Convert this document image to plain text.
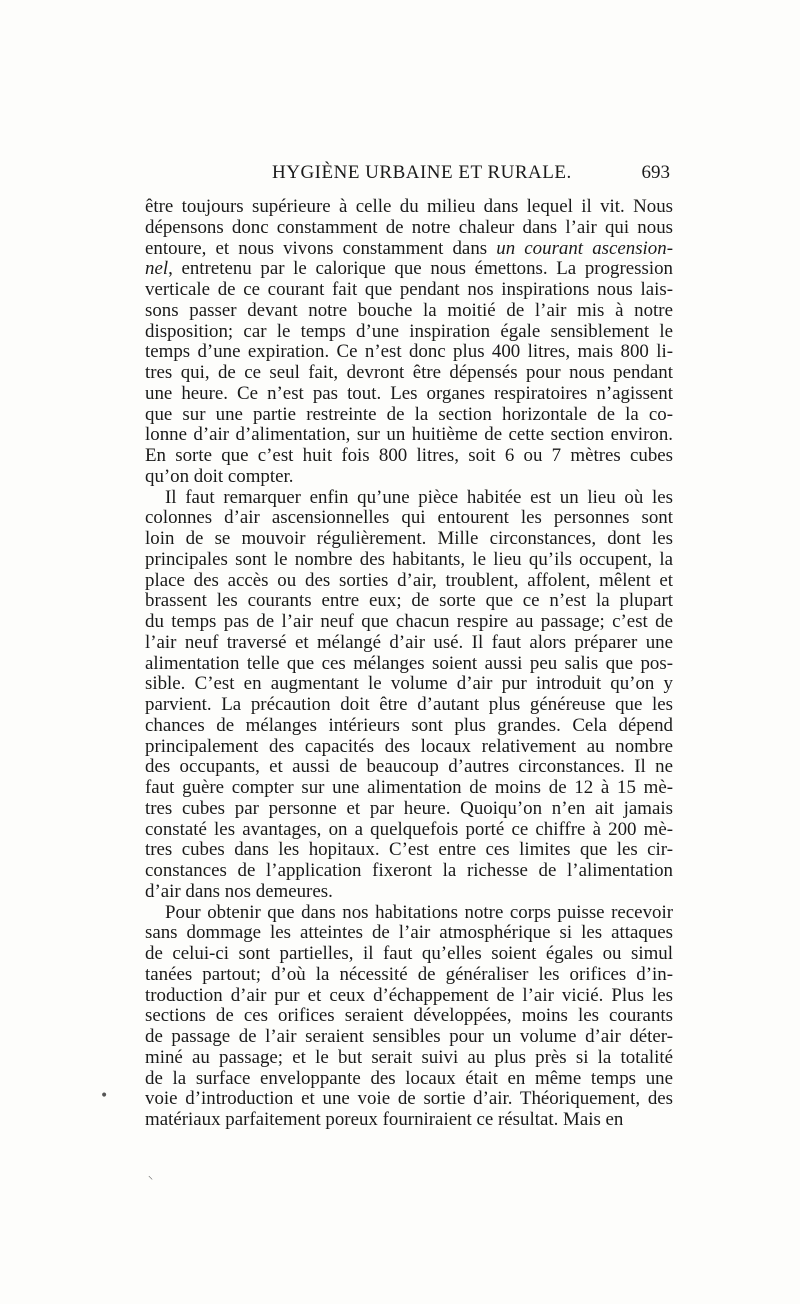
HYGIÈNE URBAINE ET RURALE.	693

être toujours supérieure à celle du milieu dans lequel il vit. Nous
dépensons donc constamment de notre chaleur dans l’air qui nous
entoure, et nous vivons constamment dans un courant ascension-
nel, entretenu par le calorique que nous émettons. La progression
verticale de ce courant fait que pendant nos inspirations nous lais-
sons passer devant notre bouche la moitié de l’air mis à notre
disposition; car le temps d’une inspiration égale sensiblement le
temps d’une expiration. Ce n’est donc plus 400 litres, mais 800 li-
tres qui, de ce seul fait, devront être dépensés pour nous pendant
une heure. Ce n’est pas tout. Les organes respiratoires n’agissent
que sur une partie restreinte de la section horizontale de la co-
lonne d’air d’alimentation, sur un huitième de cette section environ.
En sorte que c’est huit fois 800 litres, soit 6 ou 7 mètres cubes
qu’on doit compter.

Il faut remarquer enfin qu’une pièce habitée est un lieu où les
colonnes d’air ascensionnelles qui entourent les personnes sont
loin de se mouvoir régulièrement. Mille circonstances, dont les
principales sont le nombre des habitants, le lieu qu’ils occupent, la
place des accès ou des sorties d’air, troublent, affolent, mêlent et
brassent les courants entre eux; de sorte que ce n’est la plupart
du temps pas de l’air neuf que chacun respire au passage; c’est de
l’air neuf traversé et mélangé d’air usé. Il faut alors préparer une
alimentation telle que ces mélanges soient aussi peu salis que pos-
sible. C’est en augmentant le volume d’air pur introduit qu’on y
parvient. La précaution doit être d’autant plus généreuse que les
chances de mélanges intérieurs sont plus grandes. Cela dépend
principalement des capacités des locaux relativement au nombre
des occupants, et aussi de beaucoup d’autres circonstances. Il ne
faut guère compter sur une alimentation de moins de 12 à 15 mè-
tres cubes par personne et par heure. Quoiqu’on n’en ait jamais
constaté les avantages, on a quelquefois porté ce chiffre à 200 mè-
tres cubes dans les hopitaux. C’est entre ces limites que les cir-
constances de l’application fixeront la richesse de l’alimentation
d’air dans nos demeures.

Pour obtenir que dans nos habitations notre corps puisse recevoir
sans dommage les atteintes de l’air atmosphérique si les attaques
de celui-ci sont partielles, il faut qu’elles soient égales ou simul
tanées partout; d’où la nécessité de généraliser les orifices d’in-
troduction d’air pur et ceux d’échappement de l’air vicié. Plus les
sections de ces orifices seraient développées, moins les courants
de passage de l’air seraient sensibles pour un volume d’air déter-
miné au passage; et le but serait suivi au plus près si la totalité
de la surface enveloppante des locaux était en même temps une
voie d’introduction et une voie de sortie d’air. Théoriquement, des
matériaux parfaitement poreux fourniraient ce résultat. Mais en

•
⸌
